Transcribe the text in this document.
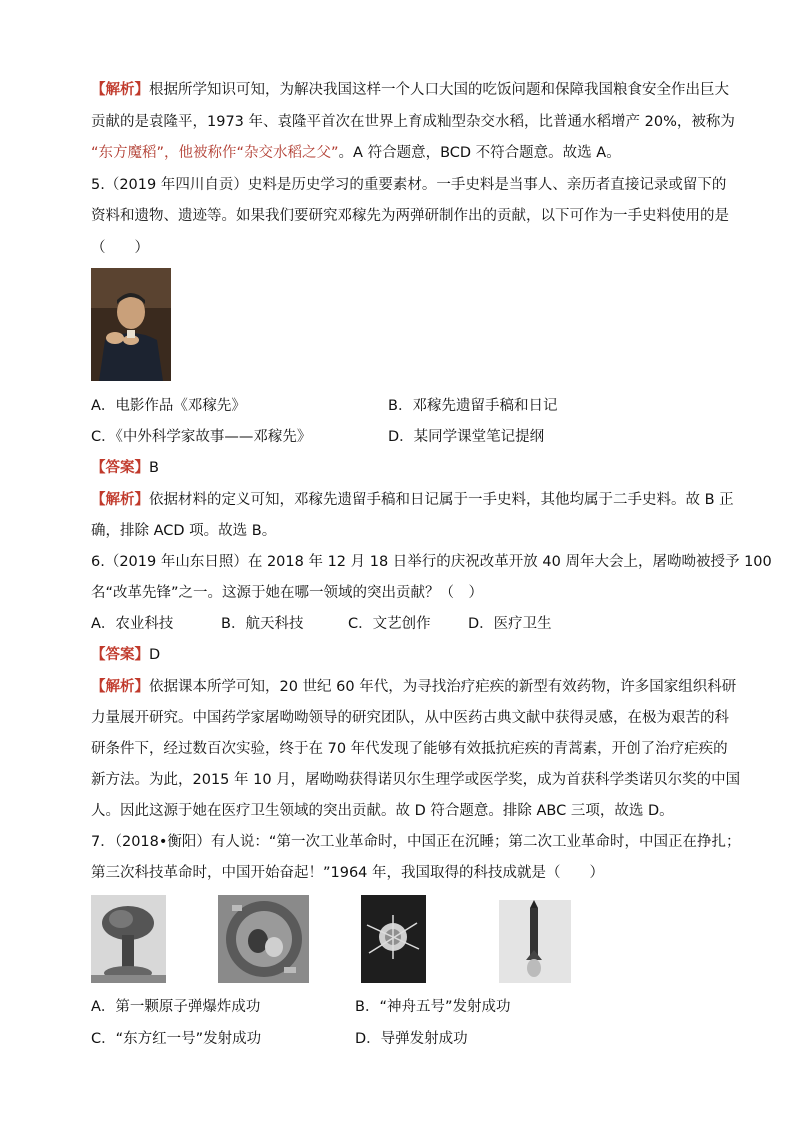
【解析】根据所学知识可知，为解决我国这样一个人口大国的吃饭问题和保障我国粮食安全作出巨大
贡献的是袁隆平，1973 年、袁隆平首次在世界上育成籼型杂交水稻，比普通水稻增产 20%，被称为
“东方魔稻”，他被称作“杂交水稻之父”。A 符合题意，BCD 不符合题意。故选 A。
5.（2019 年四川自贡）史料是历史学习的重要素材。一手史料是当事人、亲历者直接记录或留下的
资料和遗物、遗迹等。如果我们要研究邓稼先为两弹研制作出的贡献，以下可作为一手史料使用的是
（　　）
A．电影作品《邓稼先》	B．邓稼先遗留手稿和日记
C．《中外科学家故事——邓稼先》	D．某同学课堂笔记提纲
【答案】B
【解析】依据材料的定义可知，邓稼先遗留手稿和日记属于一手史料，其他均属于二手史料。故 B 正
确，排除 ACD 项。故选 B。
6.（2019 年山东日照）在 2018 年 12 月 18 日举行的庆祝改革开放 40 周年大会上，屠呦呦被授予 100
名“改革先锋”之一。这源于她在哪一领域的突出贡献？（　）
A．农业科技	B．航天科技	C．文艺创作	D．医疗卫生
【答案】D
【解析】依据课本所学可知，20 世纪 60 年代，为寻找治疗疟疾的新型有效药物，许多国家组织科研
力量展开研究。中国药学家屠呦呦领导的研究团队，从中医药古典文献中获得灵感，在极为艰苦的科
研条件下，经过数百次实验，终于在 70 年代发现了能够有效抵抗疟疾的青蒿素，开创了治疗疟疾的
新方法。为此，2015 年 10 月，屠呦呦获得诺贝尔生理学或医学奖，成为首获科学类诺贝尔奖的中国
人。因此这源于她在医疗卫生领域的突出贡献。故 D 符合题意。排除 ABC 三项，故选 D。
7．（2018•衡阳）有人说：“第一次工业革命时，中国正在沉睡；第二次工业革命时，中国正在挣扎；
第三次科技革命时，中国开始奋起！”1964 年，我国取得的科技成就是（　　）
A．第一颗原子弹爆炸成功	B．“神舟五号”发射成功
C．“东方红一号”发射成功	D．导弹发射成功
